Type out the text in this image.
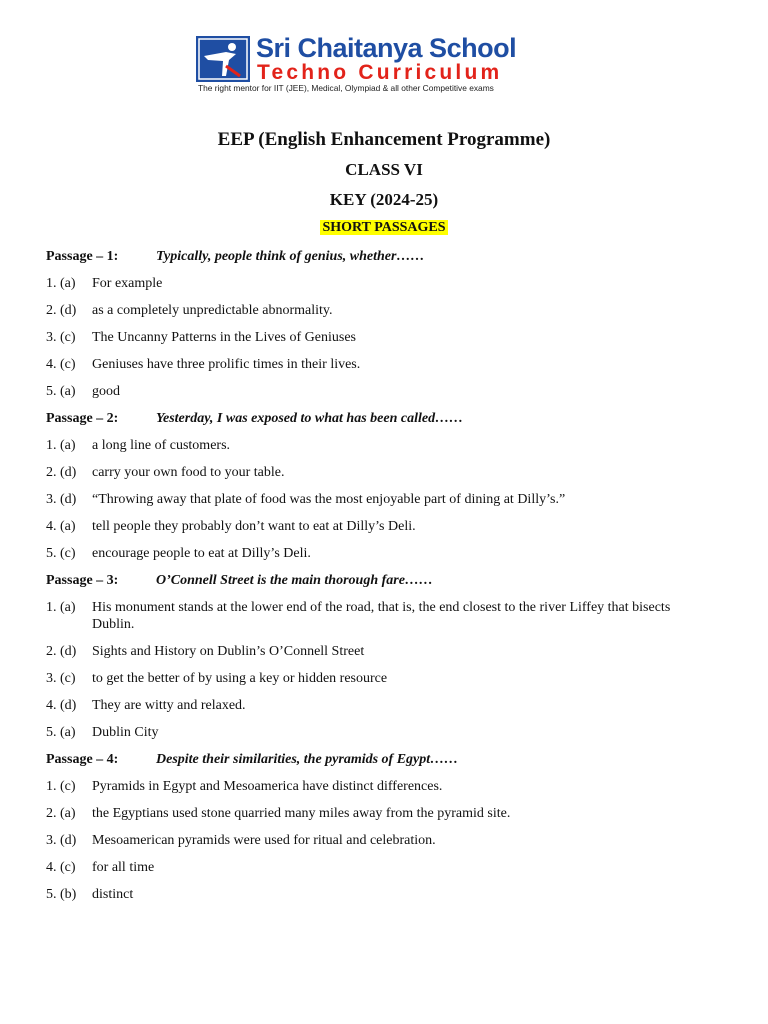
Sri Chaitanya School
Techno Curriculum
The right mentor for IIT (JEE), Medical, Olympiad & all other Competitive exams
EEP (English Enhancement Programme)
CLASS VI
KEY (2024-25)
SHORT PASSAGES
Passage – 1:	Typically, people think of genius, whether……
1. (a)	For example
2. (d)	as a completely unpredictable abnormality.
3. (c)	The Uncanny Patterns in the Lives of Geniuses
4. (c)	Geniuses have three prolific times in their lives.
5. (a)	good
Passage – 2:	Yesterday, I was exposed to what has been called……
1. (a)	a long line of customers.
2. (d)	carry your own food to your table.
3. (d)	“Throwing away that plate of food was the most enjoyable part of dining at Dilly’s.”
4. (a)	tell people they probably don’t want to eat at Dilly’s Deli.
5. (c)	encourage people to eat at Dilly’s Deli.
Passage – 3:	O’Connell Street is the main thorough fare……
1. (a)	His monument stands at the lower end of the road, that is, the end closest to the river Liffey that bisects Dublin.
2. (d)	Sights and History on Dublin’s O’Connell Street
3. (c)	to get the better of by using a key or hidden resource
4. (d)	They are witty and relaxed.
5. (a)	Dublin City
Passage – 4:	Despite their similarities, the pyramids of Egypt……
1. (c)	Pyramids in Egypt and Mesoamerica have distinct differences.
2. (a)	the Egyptians used stone quarried many miles away from the pyramid site.
3. (d)	Mesoamerican pyramids were used for ritual and celebration.
4. (c)	for all time
5. (b)	distinct
